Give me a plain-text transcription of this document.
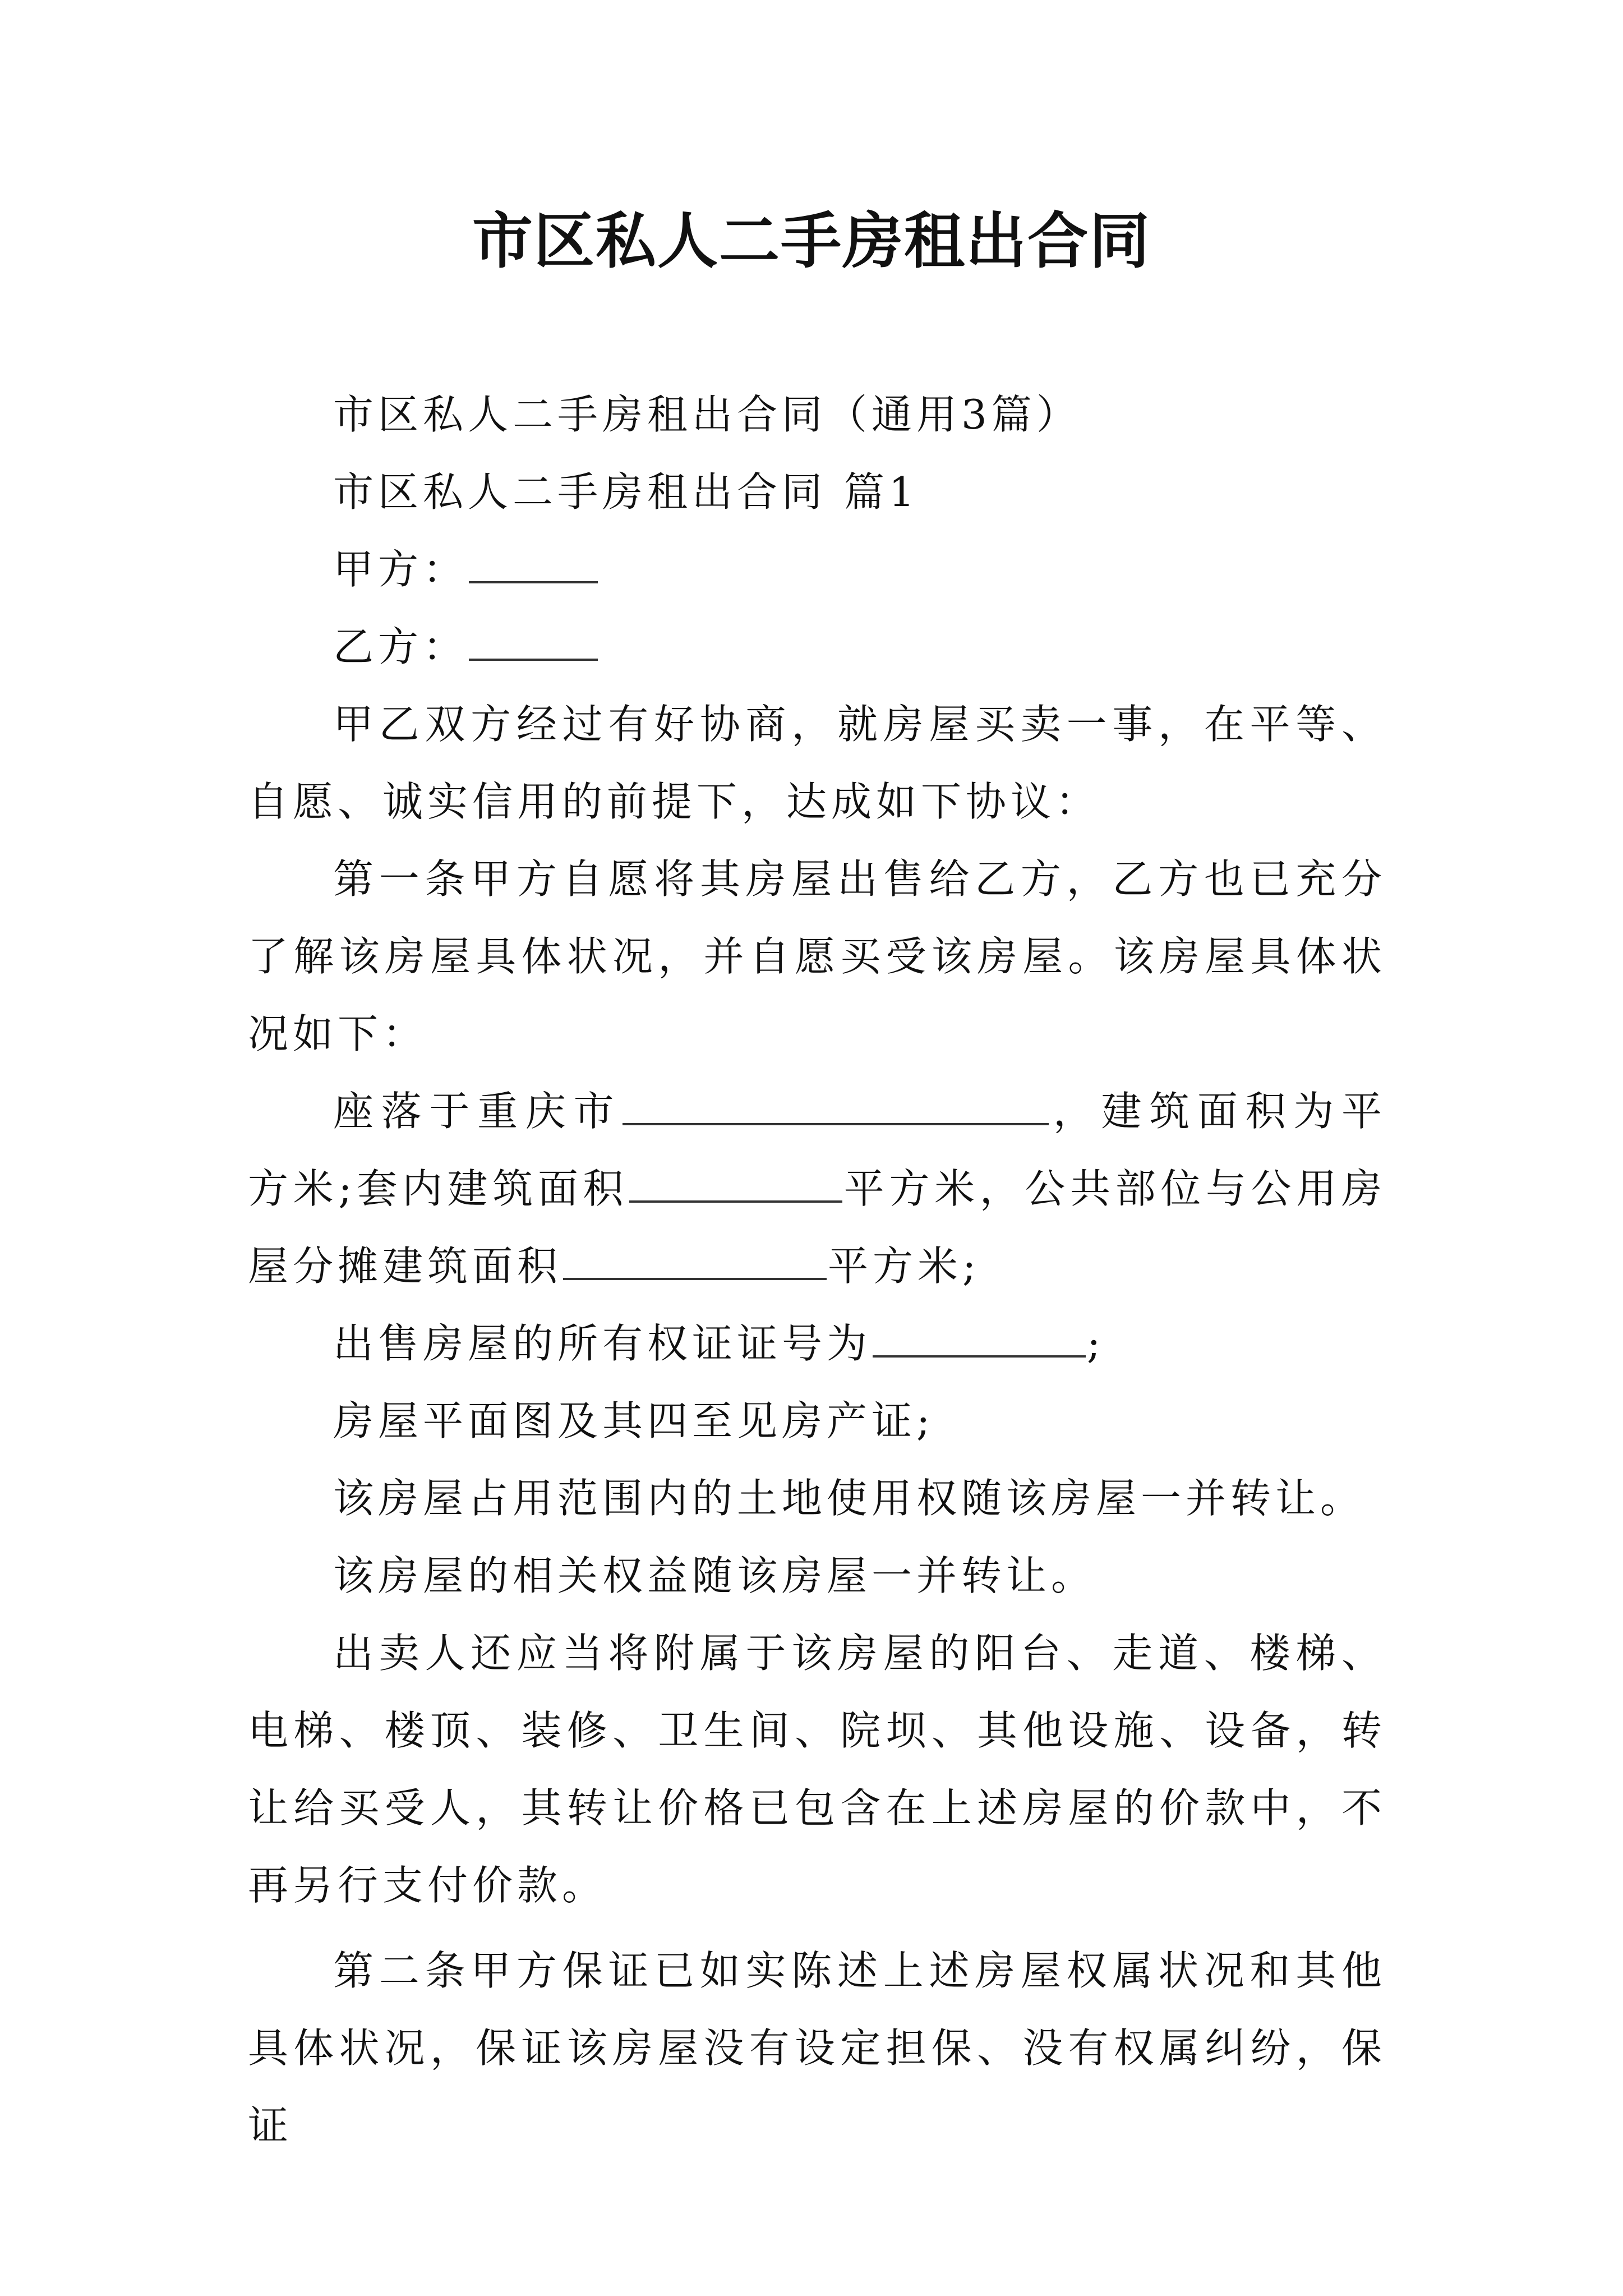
市区私人二手房租出合同

市区私人二手房租出合同（通用3篇）

市区私人二手房租出合同 篇1

甲方：

乙方：

甲乙双方经过有好协商，就房屋买卖一事，在平等、自愿、诚实信用的前提下，达成如下协议：

第一条甲方自愿将其房屋出售给乙方，乙方也已充分了解该房屋具体状况，并自愿买受该房屋。该房屋具体状况如下：

座落于重庆市	，建筑面积为平方米;套内建筑面积	平方米，公共部位与公用房屋分摊建筑面积	平方米;

出售房屋的所有权证证号为	;

房屋平面图及其四至见房产证;

该房屋占用范围内的土地使用权随该房屋一并转让。

该房屋的相关权益随该房屋一并转让。

出卖人还应当将附属于该房屋的阳台、走道、楼梯、电梯、楼顶、装修、卫生间、院坝、其他设施、设备，转让给买受人，其转让价格已包含在上述房屋的价款中，不再另行支付价款。

第二条甲方保证已如实陈述上述房屋权属状况和其他具体状况，保证该房屋没有设定担保、没有权属纠纷，保证
